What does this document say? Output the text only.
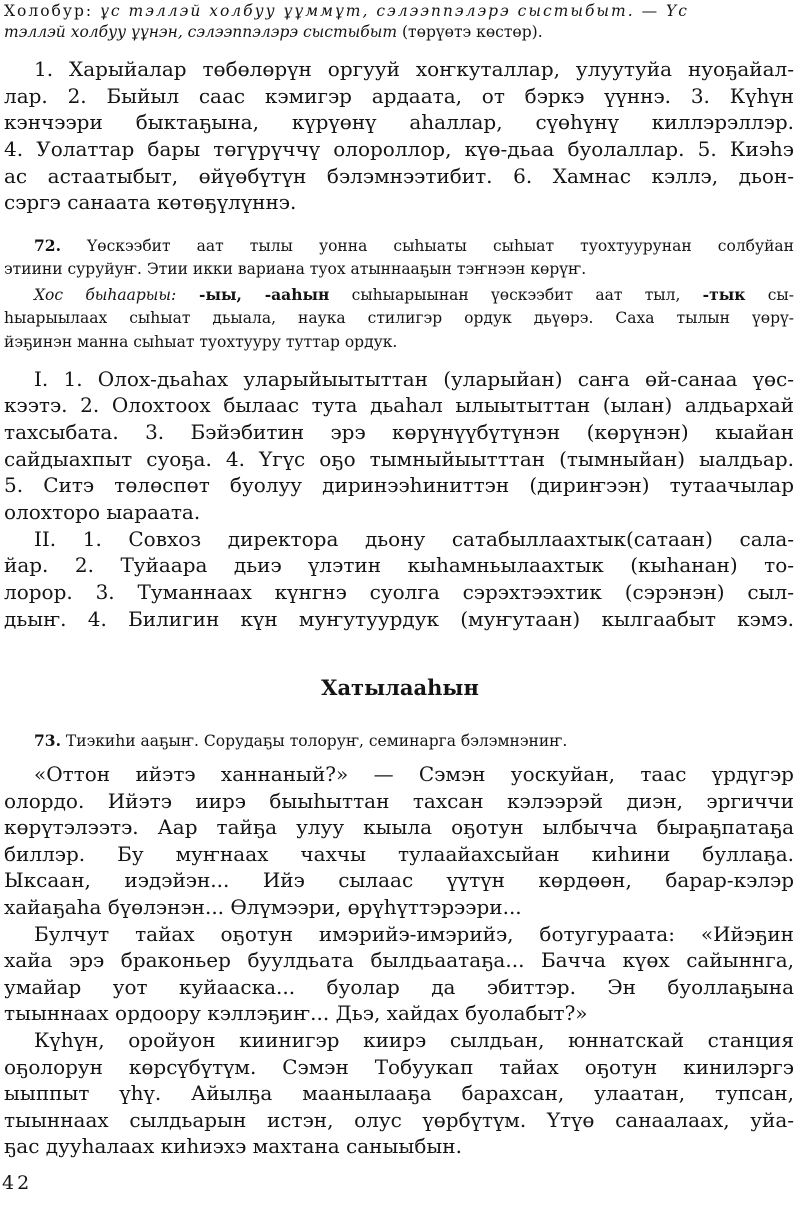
Холобур: ұс тэллэй холбуу ұұммұт, сэлээппэлэрэ сыстыбыт. — Үс
тэллэй холбуу ұұнэн, сэлээппэлэрэ сыстыбыт (төрүөтэ көстөр).
1. Харыйалар төбөлөрүн оргууй хоҥкуталлар, улуутуйа нуоҕайал-
лар. 2. Быйыл саас кэмигэр ардаата, от бэркэ үүннэ. 3. Күһүн
кэнчээри быктаҕына, күрүөнү аһаллар, сүөһүнү киллэрэллэр.
4. Уолаттар бары төгүрүччү олороллор, күө-дьаа буолаллар. 5. Киэһэ
ас астаатыбыт, өйүөбүтүн бэлэмнээтибит. 6. Хамнас кэллэ, дьон-
сэргэ санаата көтөҕүлүннэ.
72. Үөскээбит аат тылы уонна сыһыаты сыһыат туохтуурунан солбуйан
этиини суруйуҥ. Этии икки вариана туох атыннааҕын тэҥнээн көрүҥ.
Хос быһаарыы: -ыы, -ааһын сыһыарыынан үөскээбит аат тыл, -тык сы-
һыарыылаах сыһыат дьыала, наука стилигэр ордук дьүөрэ. Саха тылын үөрү-
йэҕинэн манна сыһыат туохтууру туттар ордук.
I. 1. Олох-дьаһах уларыйыытыттан (уларыйан) саҥа өй-санаа үөс-
кээтэ. 2. Олохтоох былаас тута дьаһал ылыытыттан (ылан) алдьархай
тахсыбата. 3. Бэйэбитин эрэ көрүнүүбүтүнэн (көрүнэн) кыайан
сайдыахпыт суоҕа. 4. Үгүс оҕо тымныйыытттан (тымныйан) ыалдьар.
5. Ситэ төлөспөт буолуу диринээһиниттэн (дириҥээн) тутаачылар
олохторо ыараата.
II. 1. Совхоз директора дьону сатабыллаахтык(сатаан) сала-
йар. 2. Туйаара дьиэ үлэтин кыһамньылаахтык (кыһанан) то-
лорор. 3. Туманнаах күнгнэ суолга сэрэхтээхтик (сэрэнэн) сыл-
дьыҥ. 4. Билигин күн муҥутуурдук (муҥутаан) кылгаабыт кэмэ.
Хатылааһын
73. Тиэкиһи ааҕыҥ. Сорудаҕы толоруҥ, семинарга бэлэмнэниҥ.
«Оттон ийэтэ ханнаный?» — Сэмэн уоскуйан, таас үрдүгэр
олордо. Ийэтэ иирэ быыһыттан тахсан кэлээрэй диэн, эргиччи
көрүтэлээтэ. Аар тайҕа улуу кыыла оҕотун ылбычча быраҕпатаҕа
биллэр. Бу муҥнаах чахчы тулаайахсыйан киһини буллаҕа.
Ыксаан, иэдэйэн... Ийэ сылаас үүтүн көрдөөн, барар-кэлэр
хайаҕаһа бүөлэнэн... Өлүмээри, өрүһүттэрээри...
Булчут тайах оҕотун имэрийэ-имэрийэ, ботугураата: «Ийэҕин
хайа эрэ браконьер буулдьата былдьаатаҕа... Бачча күөх сайыннга,
умайар уот куйааска... буолар да эбиттэр. Эн буоллаҕына
тыыннаах ордоору кэллэҕиҥ... Дьэ, хайдах буолабыт?»
Күһүн, оройуон киинигэр киирэ сылдьан, юннатскай станция
оҕолорун көрсүбүтүм. Сэмэн Тобуукап тайах оҕотун кинилэргэ
ыыппыт үһү. Айылҕа маанылааҕа барахсан, улаатан, тупсан,
тыыннаах сылдьарын истэн, олус үөрбүтүм. Үтүө санаалаах, уйа-
ҕас дууһалаах киһиэхэ махтана саныыбын.
42
